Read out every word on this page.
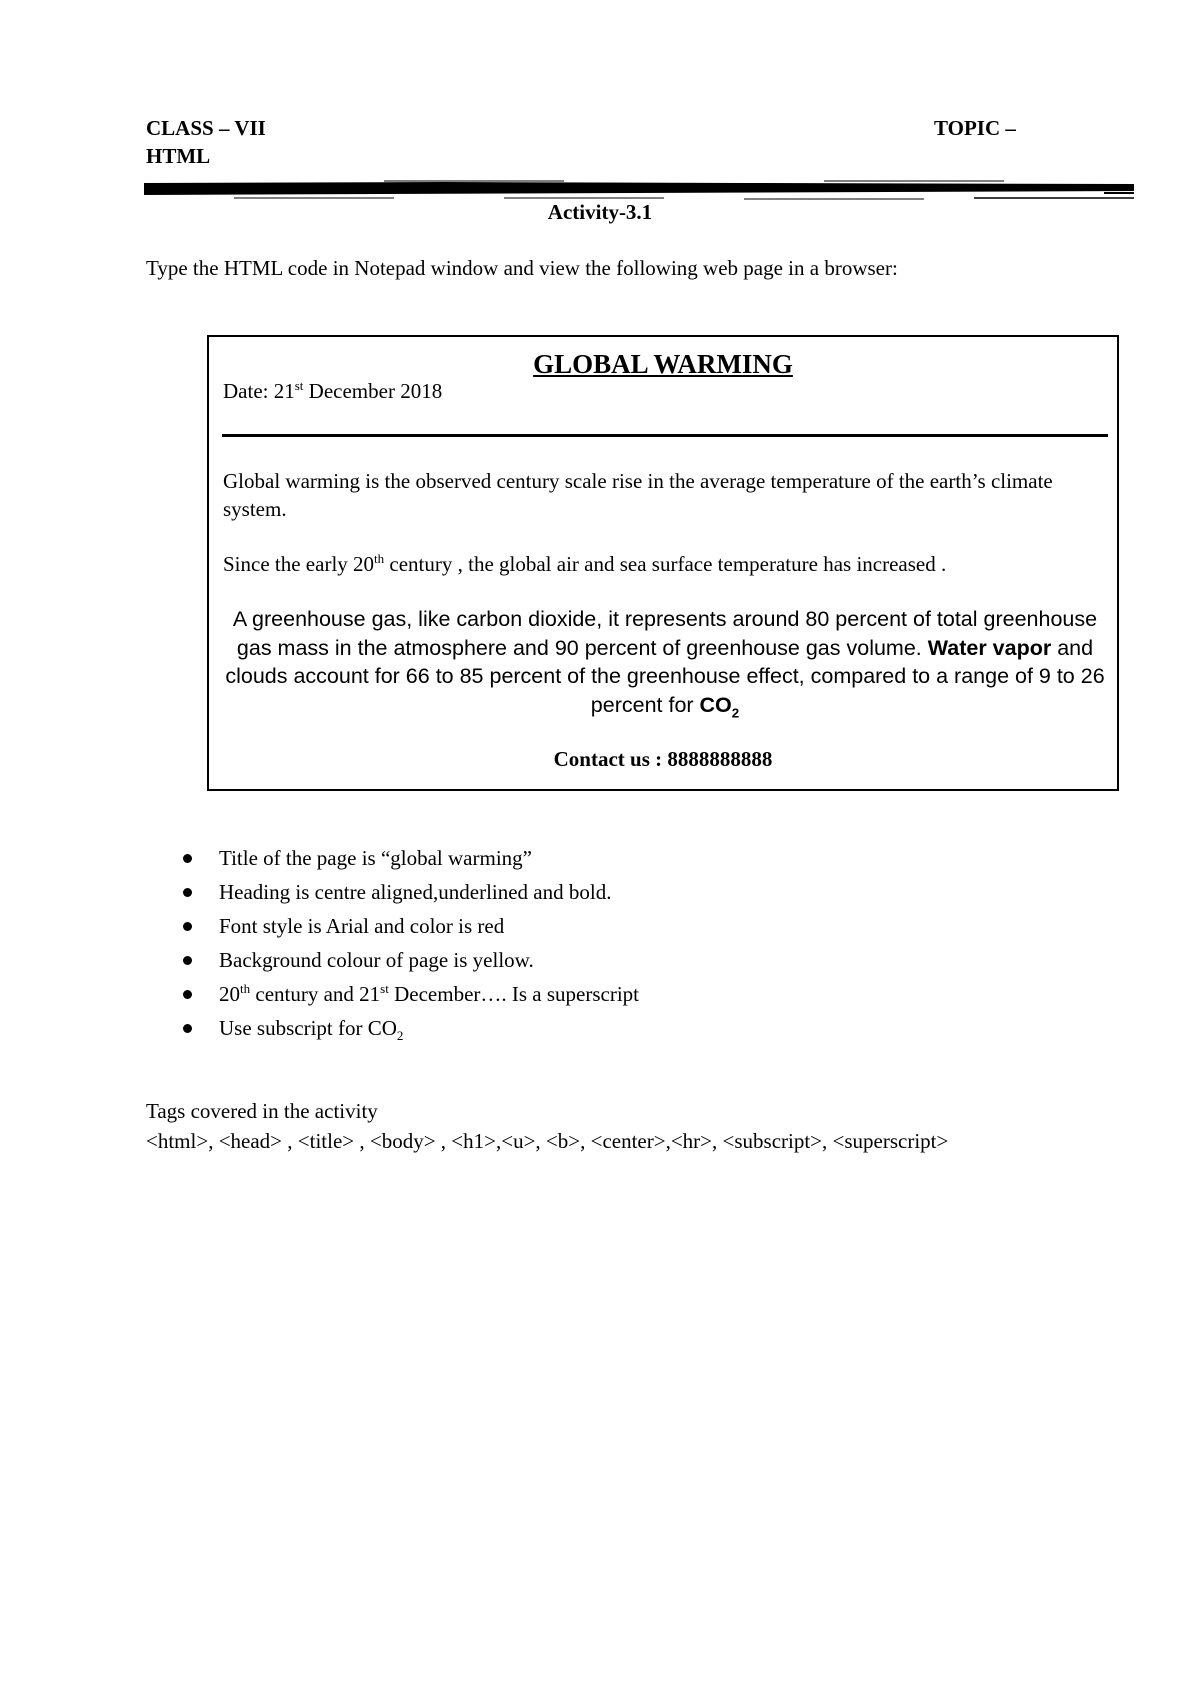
CLASS – VII	TOPIC –
HTML
Activity-3.1
Type the HTML code in Notepad window and view the following web page in a browser:
GLOBAL WARMING
Date: 21st December 2018
Global warming is the observed century scale rise in the average temperature of the earth’s climate system.
Since the early 20th century , the global air and sea surface temperature has increased .
A greenhouse gas, like carbon dioxide, it represents around 80 percent of total greenhouse gas mass in the atmosphere and 90 percent of greenhouse gas volume. Water vapor and clouds account for 66 to 85 percent of the greenhouse effect, compared to a range of 9 to 26 percent for $CO_2$
Contact us : 8888888888
Title of the page is “global warming”
Heading is centre aligned,underlined and bold.
Font style is Arial and color is red
Background colour of page is yellow.
20th century and 21st December…. Is a superscript
Use subscript for $CO_2$
Tags covered in the activity
<html>, <head> , <title> , <body> , <h1>,<u>, <b>, <center>,<hr>, <subscript>, <superscript>
